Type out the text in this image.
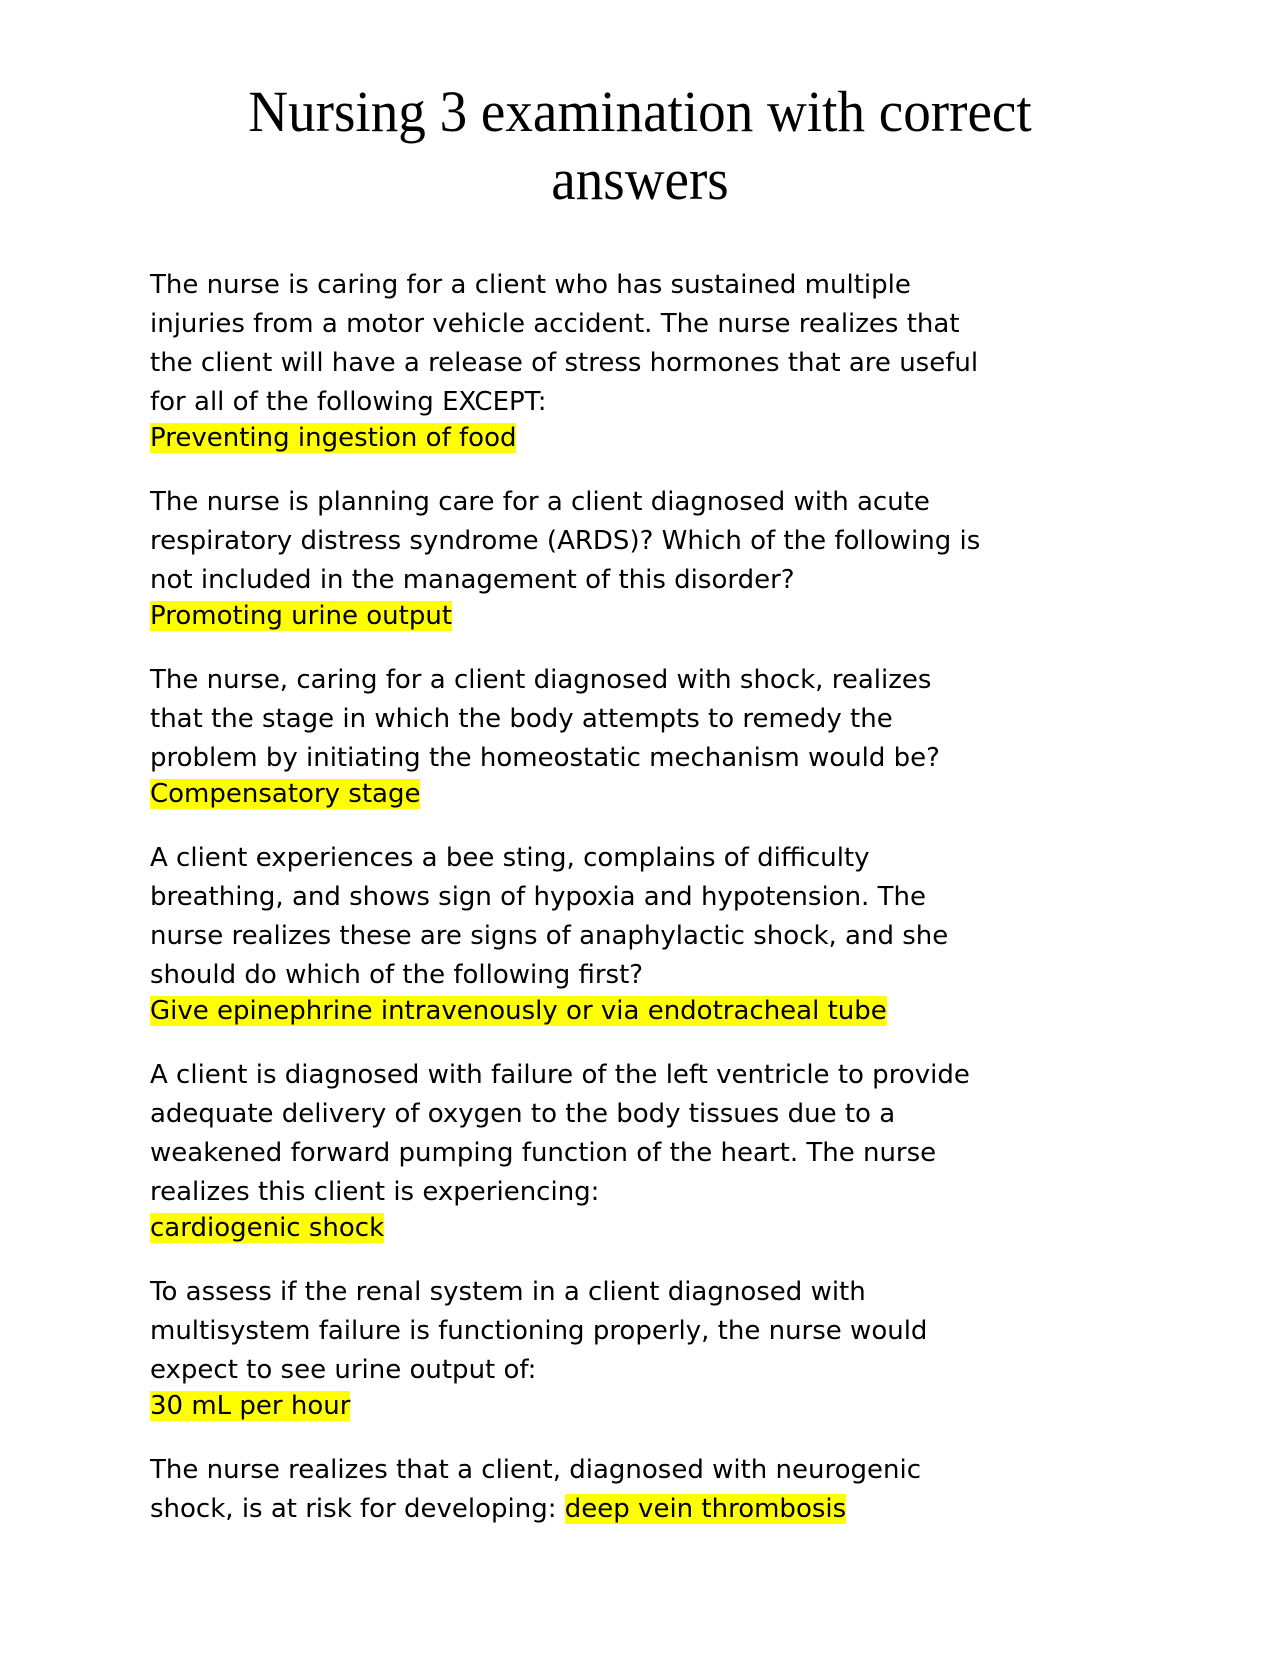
Nursing 3 examination with correct
answers
The nurse is caring for a client who has sustained multiple
injuries from a motor vehicle accident. The nurse realizes that
the client will have a release of stress hormones that are useful
for all of the following EXCEPT:
Preventing ingestion of food
The nurse is planning care for a client diagnosed with acute
respiratory distress syndrome (ARDS)? Which of the following is
not included in the management of this disorder?
Promoting urine output
The nurse, caring for a client diagnosed with shock, realizes
that the stage in which the body attempts to remedy the
problem by initiating the homeostatic mechanism would be?
Compensatory stage
A client experiences a bee sting, complains of difficulty
breathing, and shows sign of hypoxia and hypotension. The
nurse realizes these are signs of anaphylactic shock, and she
should do which of the following first?
Give epinephrine intravenously or via endotracheal tube
A client is diagnosed with failure of the left ventricle to provide
adequate delivery of oxygen to the body tissues due to a
weakened forward pumping function of the heart. The nurse
realizes this client is experiencing:
cardiogenic shock
To assess if the renal system in a client diagnosed with
multisystem failure is functioning properly, the nurse would
expect to see urine output of:
30 mL per hour
The nurse realizes that a client, diagnosed with neurogenic
shock, is at risk for developing: deep vein thrombosis
